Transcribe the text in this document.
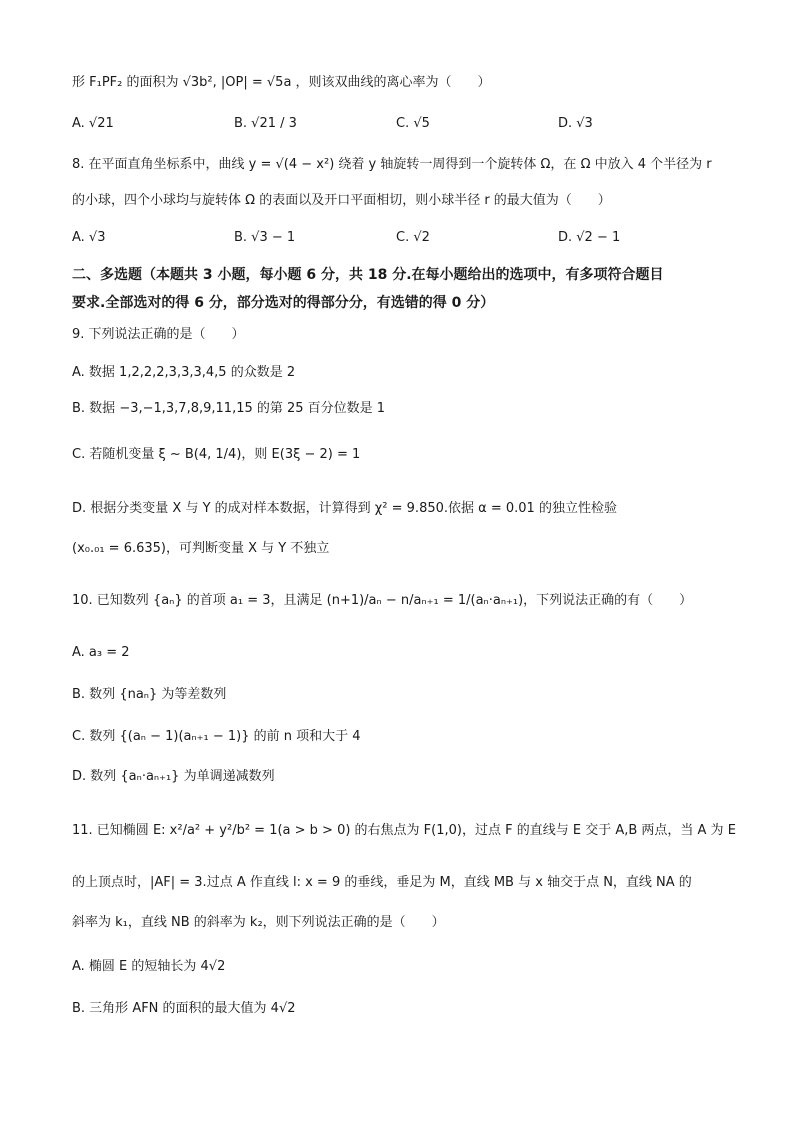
形 F₁PF₂ 的面积为 √3b², |OP| = √5a ，则该双曲线的离心率为（　　）
A. √21	B. √21 / 3	C. √5	D. √3
8. 在平面直角坐标系中，曲线 y = √(4 − x²) 绕着 y 轴旋转一周得到一个旋转体 Ω，在 Ω 中放入 4 个半径为 r
的小球，四个小球均与旋转体 Ω 的表面以及开口平面相切，则小球半径 r 的最大值为（　　）
A. √3	B. √3 − 1	C. √2	D. √2 − 1
二、多选题（本题共 3 小题，每小题 6 分，共 18 分.在每小题给出的选项中，有多项符合题目
要求.全部选对的得 6 分，部分选对的得部分分，有选错的得 0 分）
9. 下列说法正确的是（　　）
A. 数据 1,2,2,2,3,3,3,4,5 的众数是 2
B. 数据 −3,−1,3,7,8,9,11,15 的第 25 百分位数是 1
C. 若随机变量 ξ ~ B(4, 1/4)，则 E(3ξ − 2) = 1
D. 根据分类变量 X 与 Y 的成对样本数据，计算得到 χ² = 9.850.依据 α = 0.01 的独立性检验
(x₀.₀₁ = 6.635)，可判断变量 X 与 Y 不独立
10. 已知数列 {aₙ} 的首项 a₁ = 3，且满足 (n+1)/aₙ − n/aₙ₊₁ = 1/(aₙ·aₙ₊₁)，下列说法正确的有（　　）
A. a₃ = 2
B. 数列 {naₙ} 为等差数列
C. 数列 {(aₙ − 1)(aₙ₊₁ − 1)} 的前 n 项和大于 4
D. 数列 {aₙ·aₙ₊₁} 为单调递减数列
11. 已知椭圆 E: x²/a² + y²/b² = 1(a > b > 0) 的右焦点为 F(1,0)，过点 F 的直线与 E 交于 A,B 两点，当 A 为 E
的上顶点时，|AF| = 3.过点 A 作直线 l: x = 9 的垂线，垂足为 M，直线 MB 与 x 轴交于点 N，直线 NA 的
斜率为 k₁，直线 NB 的斜率为 k₂，则下列说法正确的是（　　）
A. 椭圆 E 的短轴长为 4√2
B. 三角形 AFN 的面积的最大值为 4√2
